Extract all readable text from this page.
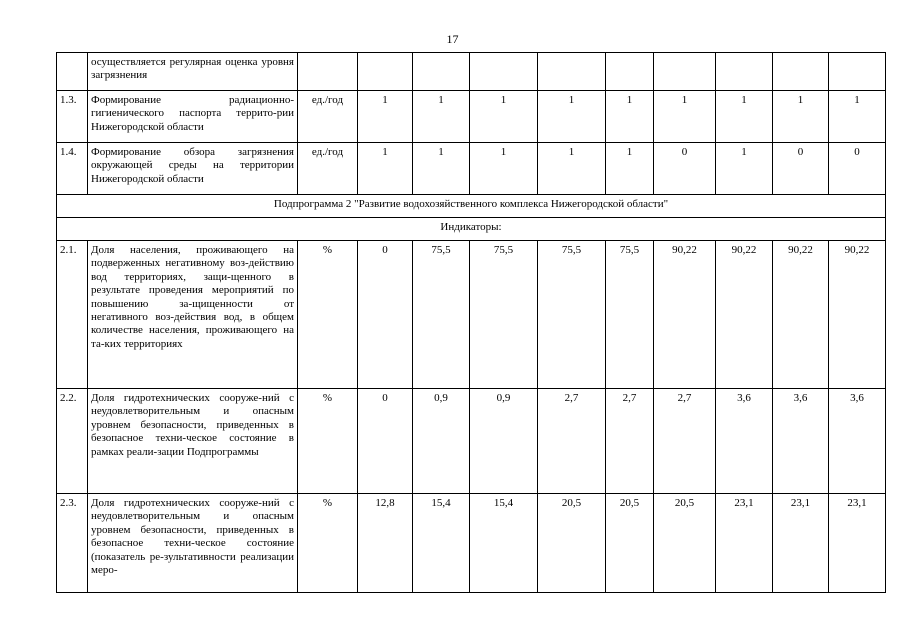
17
	осуществляется регулярная оценка уровня загрязнения										
1.3.	Формирование радиационно-гигиенического паспорта террито-рии Нижегородской области	ед./год	1	1	1	1	1	1	1	1	1
1.4.	Формирование обзора загрязнения окружающей среды на территории Нижегородской области	ед./год	1	1	1	1	1	0	1	0	0
Подпрограмма 2 "Развитие водохозяйственного комплекса Нижегородской области"											
Индикаторы:											
2.1.	Доля населения, проживающего на подверженных негативному воз-действию вод территориях, защи-щенного в результате проведения мероприятий по повышению за-щищенности от негативного воз-действия вод, в общем количестве населения, проживающего на та-ких территориях	%	0	75,5	75,5	75,5	75,5	90,22	90,22	90,22	90,22
2.2.	Доля гидротехнических сооруже-ний с неудовлетворительным и опасным уровнем безопасности, приведенных в безопасное техни-ческое состояние в рамках реали-зации Подпрограммы	%	0	0,9	0,9	2,7	2,7	2,7	3,6	3,6	3,6
2.3.	Доля гидротехнических сооруже-ний с неудовлетворительным и опасным уровнем безопасности, приведенных в безопасное техни-ческое состояние (показатель ре-зультативности реализации меро-	%	12,8	15,4	15,4	20,5	20,5	20,5	23,1	23,1	23,1
